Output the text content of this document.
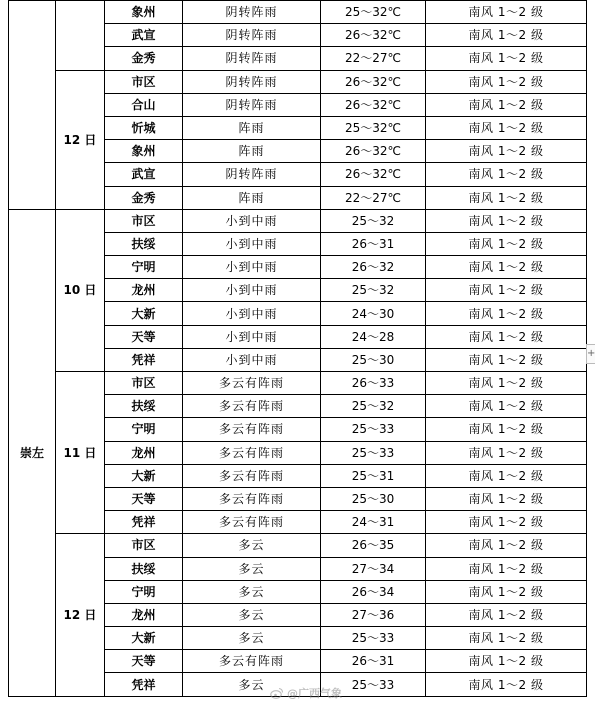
		象州	阴转阵雨	25～32℃	南风 1～2 级
		武宣	阴转阵雨	26～32℃	南风 1～2 级
		金秀	阴转阵雨	22～27℃	南风 1～2 级
	12 日	市区	阴转阵雨	26～32℃	南风 1～2 级
		合山	阴转阵雨	26～32℃	南风 1～2 级
		忻城	阵雨	25～32℃	南风 1～2 级
		象州	阵雨	26～32℃	南风 1～2 级
		武宣	阴转阵雨	26～32℃	南风 1～2 级
		金秀	阵雨	22～27℃	南风 1～2 级
崇左	10 日	市区	小到中雨	25～32	南风 1～2 级
		扶绥	小到中雨	26～31	南风 1～2 级
		宁明	小到中雨	26～32	南风 1～2 级
		龙州	小到中雨	25～32	南风 1～2 级
		大新	小到中雨	24～30	南风 1～2 级
		天等	小到中雨	24～28	南风 1～2 级
		凭祥	小到中雨	25～30	南风 1～2 级
	11 日	市区	多云有阵雨	26～33	南风 1～2 级
		扶绥	多云有阵雨	25～32	南风 1～2 级
		宁明	多云有阵雨	25～33	南风 1～2 级
		龙州	多云有阵雨	25～33	南风 1～2 级
		大新	多云有阵雨	25～31	南风 1～2 级
		天等	多云有阵雨	25～30	南风 1～2 级
		凭祥	多云有阵雨	24～31	南风 1～2 级
	12 日	市区	多云	26～35	南风 1～2 级
		扶绥	多云	27～34	南风 1～2 级
		宁明	多云	26～34	南风 1～2 级
		龙州	多云	27～36	南风 1～2 级
		大新	多云	25～33	南风 1～2 级
		天等	多云有阵雨	26～31	南风 1～2 级
		凭祥	多云	25～33	南风 1～2 级
+
@广西气象
